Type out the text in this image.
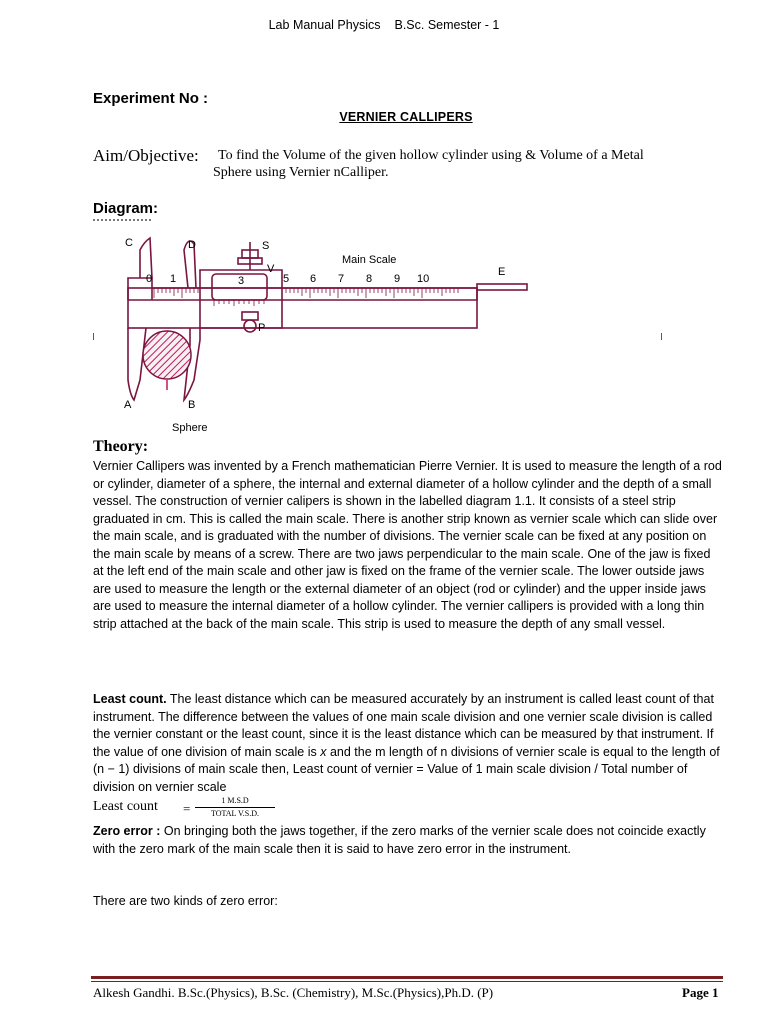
Lab Manual Physics B.Sc. Semester - 1
Experiment No :
VERNIER CALLIPERS
Aim/Objective: To find the Volume of the given hollow cylinder using & Volume of a Metal
Sphere using Vernier nCalliper.
Diagram:
C	D	S
V
P
E
A	B
Main Scale
Sphere
0 1	3	5 6 7 8 9 10
Theory:
Vernier Callipers was invented by a French mathematician Pierre Vernier. It is used to measure the length of a rod or cylinder, diameter of a sphere, the internal and external diameter of a hollow cylinder and the depth of a small vessel. The construction of vernier calipers is shown in the labelled diagram 1.1. It consists of a steel strip graduated in cm. This is called the main scale. There is another strip known as vernier scale which can slide over the main scale, and is graduated with the number of divisions. The vernier scale can be fixed at any position on the main scale by means of a screw. There are two jaws perpendicular to the main scale. One of the jaw is fixed at the left end of the main scale and other jaw is fixed on the frame of the vernier scale. The lower outside jaws are used to measure the length or the external diameter of an object (rod or cylinder) and the upper inside jaws are used to measure the internal diameter of a hollow cylinder. The vernier callipers is provided with a long thin strip attached at the back of the main scale. This strip is used to measure the depth of any small vessel.
Least count. The least distance which can be measured accurately by an instrument is called least count of that instrument. The difference between the values of one main scale division and one vernier scale division is called the vernier constant or the least count, since it is the least distance which can be measured by that instrument. If the value of one division of main scale is x and the m length of n divisions of vernier scale is equal to the length of (n − 1) divisions of main scale then, Least count of vernier = Value of 1 main scale division / Total number of division on vernier scale
Least count =
1 M.S.D
TOTAL V.S.D.
Zero error : On bringing both the jaws together, if the zero marks of the vernier scale does not coincide exactly with the zero mark of the main scale then it is said to have zero error in the instrument.
There are two kinds of zero error:
Alkesh Gandhi. B.Sc.(Physics), B.Sc. (Chemistry), M.Sc.(Physics),Ph.D. (P)	Page 1
